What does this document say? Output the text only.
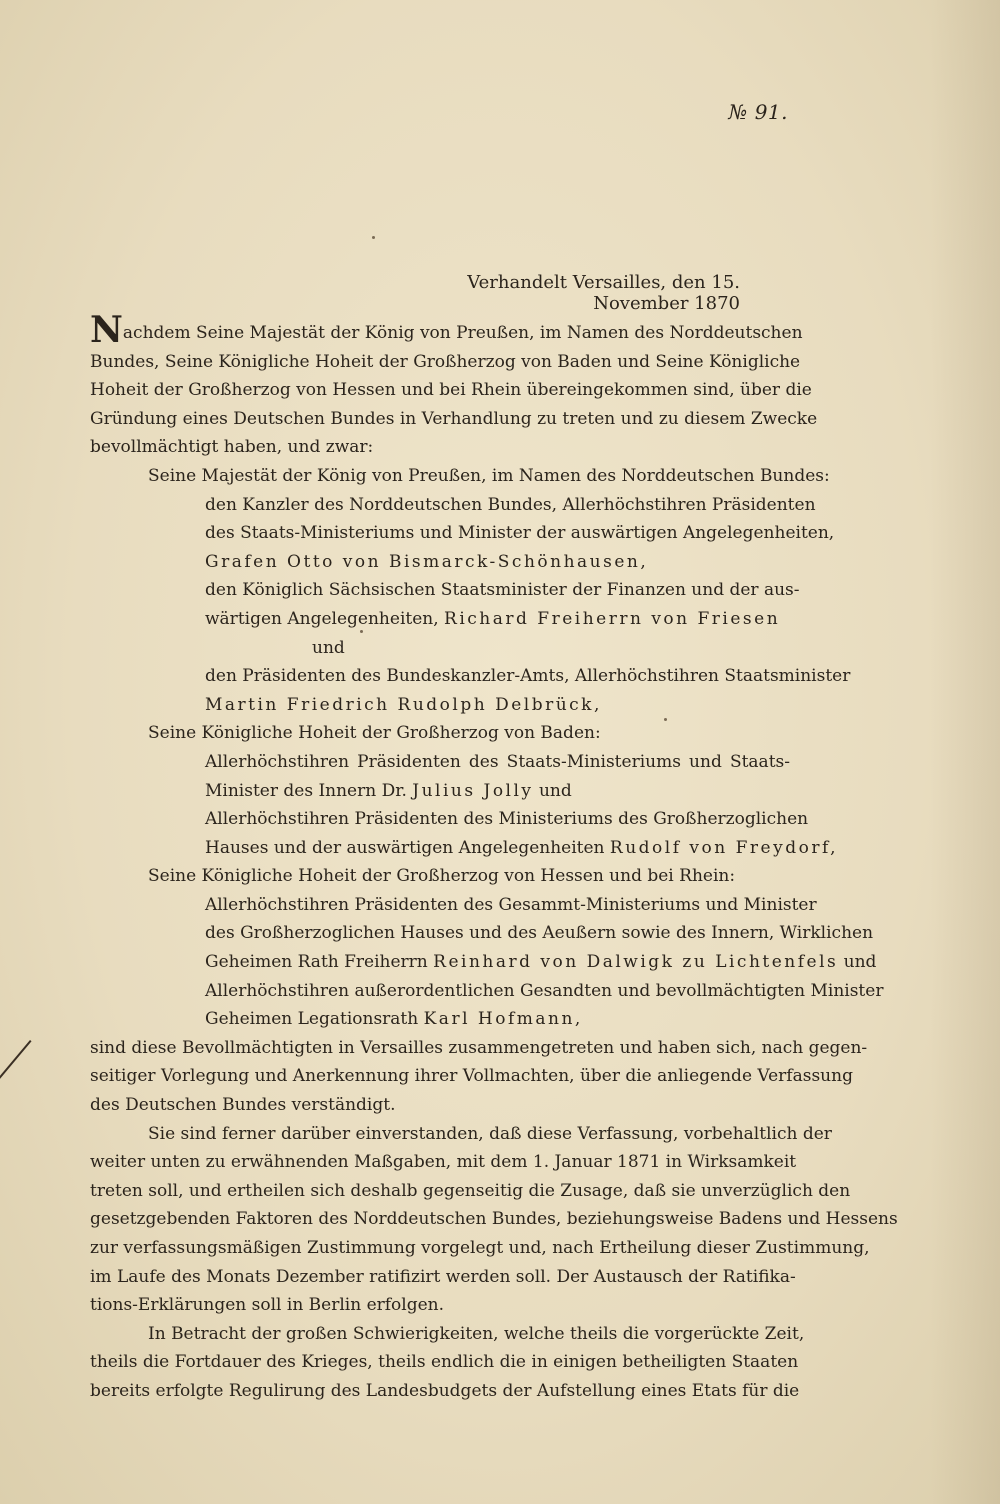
№ 91.
Verhandelt Versailles, den 15. November 1870
Nachdem Seine Majestät der König von Preußen, im Namen des Norddeutschen
Bundes, Seine Königliche Hoheit der Großherzog von Baden und Seine Königliche
Hoheit der Großherzog von Hessen und bei Rhein übereingekommen sind, über die
Gründung eines Deutschen Bundes in Verhandlung zu treten und zu diesem Zwecke
bevollmächtigt haben, und zwar:
Seine Majestät der König von Preußen, im Namen des Norddeutschen Bundes:
den Kanzler des Norddeutschen Bundes, Allerhöchstihren Präsidenten
des Staats-Ministeriums und Minister der auswärtigen Angelegenheiten,
Grafen Otto von Bismarck-Schönhausen,
den Königlich Sächsischen Staatsminister der Finanzen und der aus-
wärtigen Angelegenheiten, Richard Freiherrn von Friesen
und
den Präsidenten des Bundeskanzler-Amts, Allerhöchstihren Staatsminister
Martin Friedrich Rudolph Delbrück,
Seine Königliche Hoheit der Großherzog von Baden:
Allerhöchstihren Präsidenten des Staats-Ministeriums und Staats-
Minister des Innern Dr. Julius Jolly und
Allerhöchstihren Präsidenten des Ministeriums des Großherzoglichen
Hauses und der auswärtigen Angelegenheiten Rudolf von Freydorf,
Seine Königliche Hoheit der Großherzog von Hessen und bei Rhein:
Allerhöchstihren Präsidenten des Gesammt-Ministeriums und Minister
des Großherzoglichen Hauses und des Aeußern sowie des Innern, Wirklichen
Geheimen Rath Freiherrn Reinhard von Dalwigk zu Lichtenfels und
Allerhöchstihren außerordentlichen Gesandten und bevollmächtigten Minister
Geheimen Legationsrath Karl Hofmann,
sind diese Bevollmächtigten in Versailles zusammengetreten und haben sich, nach gegen-
seitiger Vorlegung und Anerkennung ihrer Vollmachten, über die anliegende Verfassung
des Deutschen Bundes verständigt.
Sie sind ferner darüber einverstanden, daß diese Verfassung, vorbehaltlich der
weiter unten zu erwähnenden Maßgaben, mit dem 1. Januar 1871 in Wirksamkeit
treten soll, und ertheilen sich deshalb gegenseitig die Zusage, daß sie unverzüglich den
gesetzgebenden Faktoren des Norddeutschen Bundes, beziehungsweise Badens und Hessens
zur verfassungsmäßigen Zustimmung vorgelegt und, nach Ertheilung dieser Zustimmung,
im Laufe des Monats Dezember ratifizirt werden soll. Der Austausch der Ratifika-
tions-Erklärungen soll in Berlin erfolgen.
In Betracht der großen Schwierigkeiten, welche theils die vorgerückte Zeit,
theils die Fortdauer des Krieges, theils endlich die in einigen betheiligten Staaten
bereits erfolgte Regulirung des Landesbudgets der Aufstellung eines Etats für die
